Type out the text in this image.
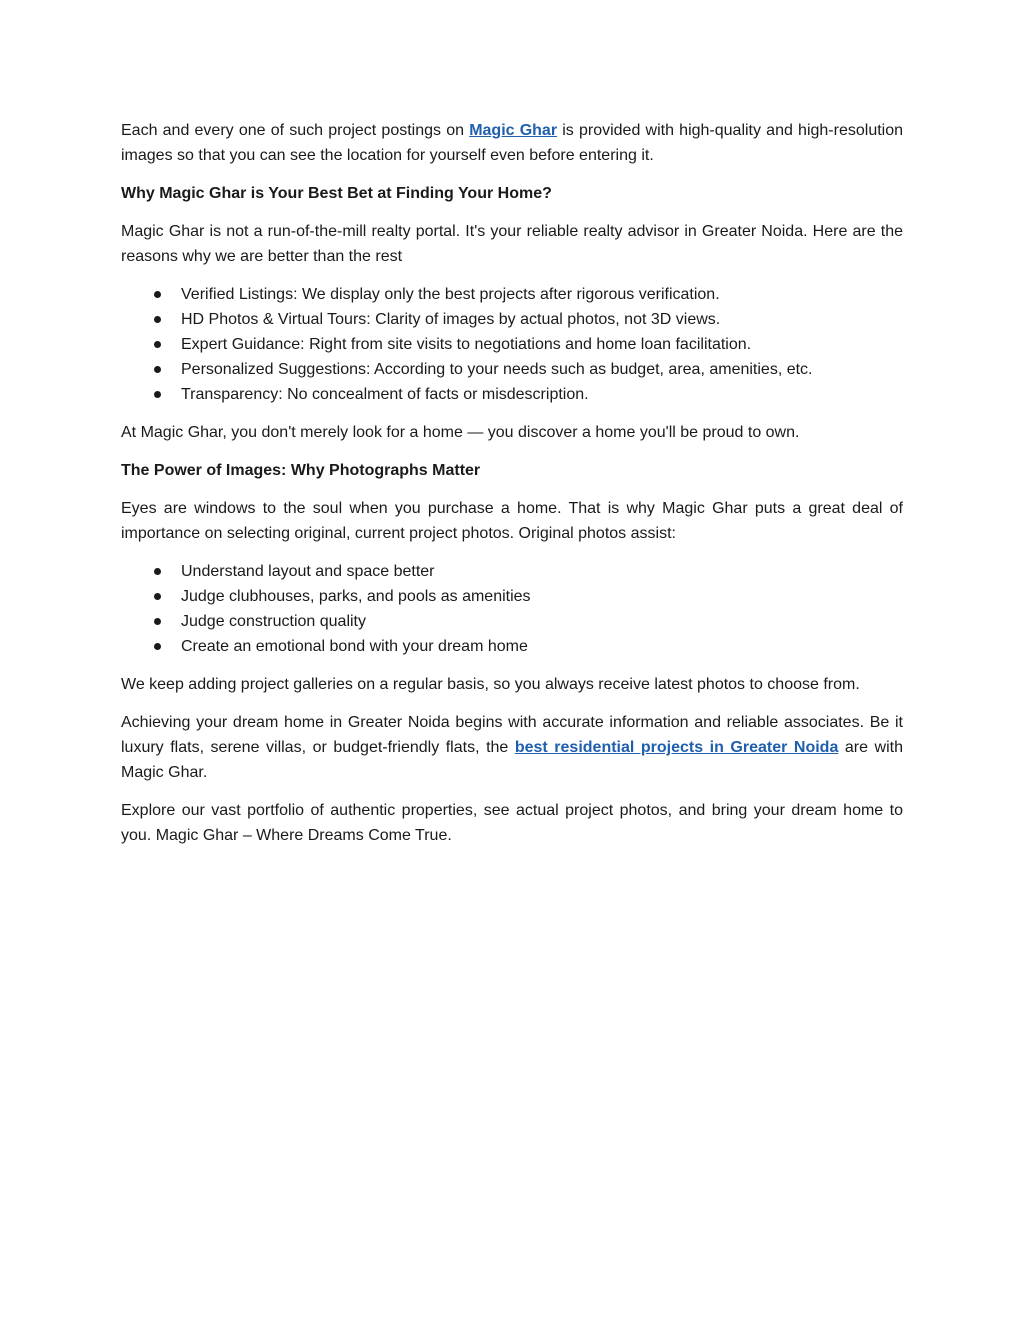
Each and every one of such project postings on Magic Ghar is provided with high-quality and high-resolution images so that you can see the location for yourself even before entering it.

Why Magic Ghar is Your Best Bet at Finding Your Home?

Magic Ghar is not a run-of-the-mill realty portal. It's your reliable realty advisor in Greater Noida. Here are the reasons why we are better than the rest

Verified Listings: We display only the best projects after rigorous verification.
HD Photos & Virtual Tours: Clarity of images by actual photos, not 3D views.
Expert Guidance: Right from site visits to negotiations and home loan facilitation.
Personalized Suggestions: According to your needs such as budget, area, amenities, etc.
Transparency: No concealment of facts or misdescription.

At Magic Ghar, you don't merely look for a home — you discover a home you'll be proud to own.

The Power of Images: Why Photographs Matter

Eyes are windows to the soul when you purchase a home. That is why Magic Ghar puts a great deal of importance on selecting original, current project photos. Original photos assist:

Understand layout and space better
Judge clubhouses, parks, and pools as amenities
Judge construction quality
Create an emotional bond with your dream home

We keep adding project galleries on a regular basis, so you always receive latest photos to choose from.

Achieving your dream home in Greater Noida begins with accurate information and reliable associates. Be it luxury flats, serene villas, or budget-friendly flats, the best residential projects in Greater Noida are with Magic Ghar.

Explore our vast portfolio of authentic properties, see actual project photos, and bring your dream home to you. Magic Ghar – Where Dreams Come True.
